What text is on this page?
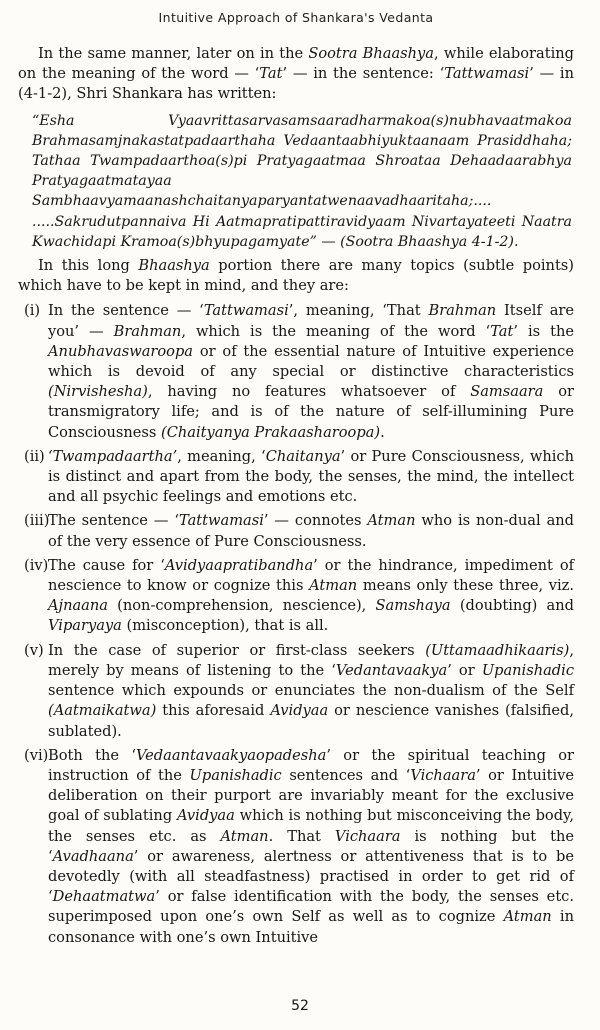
Intuitive Approach of Shankara's Vedanta

In the same manner, later on in the Sootra Bhaashya, while elaborating on the meaning of the word — ‘Tat’ — in the sentence: ‘Tattwamasi’ — in (4-1-2), Shri Shankara has written:

“Esha Vyaavrittasarvasamsaaradharmakoa(s)nubhavaatmakoa Brahmasamjnakastatpadaarthaha Vedaantaabhiyuktaanaam Prasiddhaha; Tathaa Twampadaarthoa(s)pi Pratyagaatmaa Shroataa Dehaadaarabhya Pratyagaatmatayaa Sambhaavyamaanashchaitanyaparyantatwenaavadhaaritaha;.... .....Sakrudutpannaiva Hi Aatmapratipattiravidyaam Nivartayateeti Naatra Kwachidapi Kramoa(s)bhyupagamyate” — (Sootra Bhaashya 4-1-2).

In this long Bhaashya portion there are many topics (subtle points) which have to be kept in mind, and they are:

(i) In the sentence — ‘Tattwamasi’, meaning, ‘That Brahman Itself are you’ — Brahman, which is the meaning of the word ‘Tat’ is the Anubhavaswaroopa or of the essential nature of Intuitive experience which is devoid of any special or distinctive characteristics (Nirvishesha), having no features whatsoever of Samsaara or transmigratory life; and is of the nature of self-illumining Pure Consciousness (Chaityanya Prakaasharoopa).
(ii) ‘Twampadaartha’, meaning, ‘Chaitanya’ or Pure Consciousness, which is distinct and apart from the body, the senses, the mind, the intellect and all psychic feelings and emotions etc.
(iii)
The sentence — ‘Tattwamasi’ — connotes Atman who is non-dual and of the very essence of Pure Consciousness.
(iv) The cause for ‘Avidyaapratibandha’ or the hindrance, impediment of nescience to know or cognize this Atman means only these three, viz. Ajnaana (non-comprehension, nescience), Samshaya (doubting) and Viparyaya (misconception), that is all.
(v) In the case of superior or first-class seekers (Uttamaadhikaaris), merely by means of listening to the ‘Vedantavaakya’ or Upanishadic sentence which expounds or enunciates the non-dualism of the Self (Aatmaikatwa) this aforesaid Avidyaa or nescience vanishes (falsified, sublated).
(vi) Both the ‘Vedaantavaakyaopadesha’ or the spiritual teaching or instruction of the Upanishadic sentences and ‘Vichaara’ or Intuitive deliberation on their purport are invariably meant for the exclusive goal of sublating Avidyaa which is nothing but misconceiving the body, the senses etc. as Atman. That Vichaara is nothing but the ‘Avadhaana’ or awareness, alertness or attentiveness that is to be devotedly (with all steadfastness) practised in order to get rid of ‘Dehaatmatwa’ or false identification with the body, the senses etc. superimposed upon one’s own Self as well as to cognize Atman in consonance with one’s own Intuitive
52
